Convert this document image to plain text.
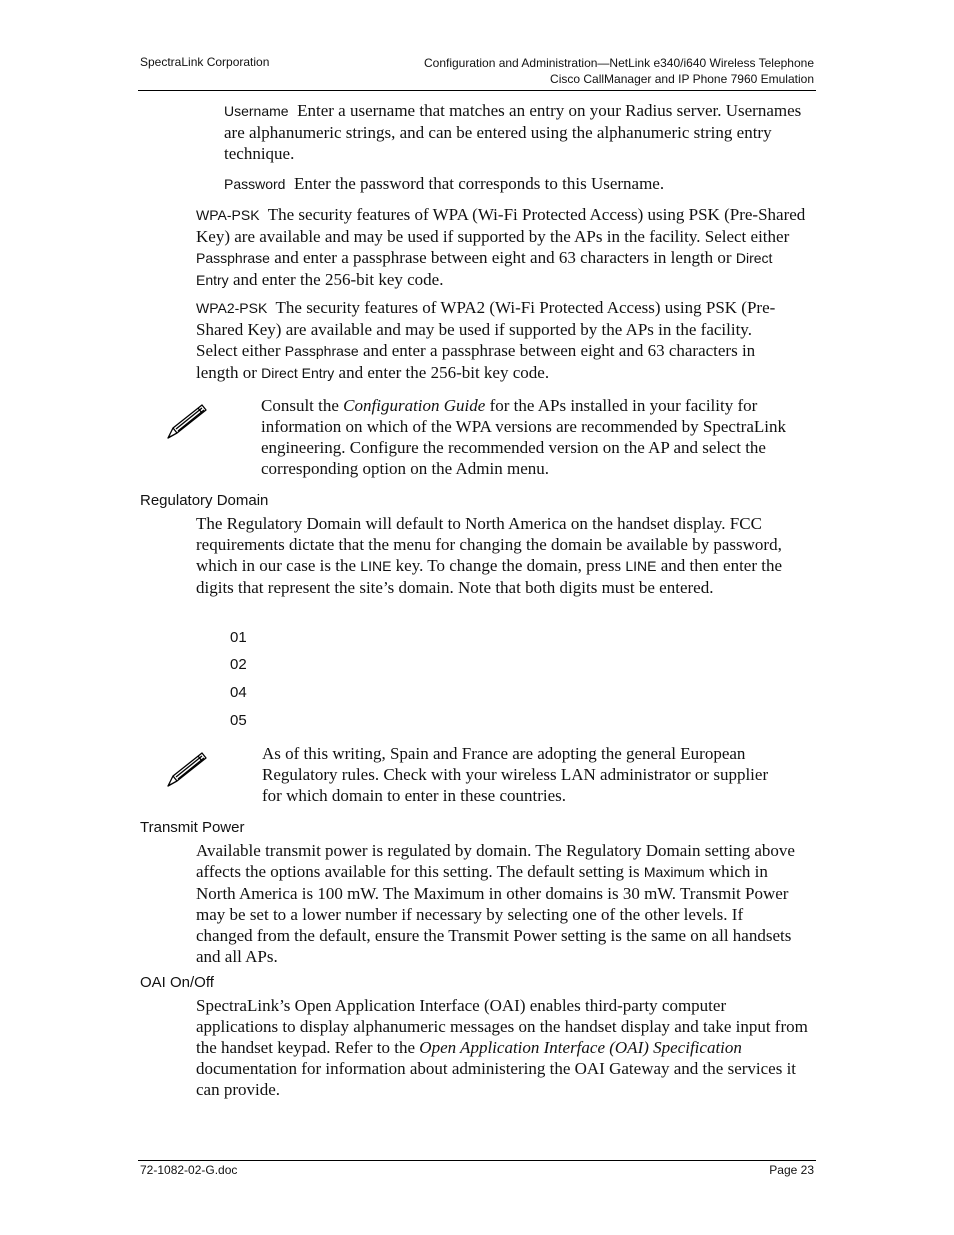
SpectraLink Corporation	Configuration and Administration—NetLink e340/i640 Wireless Telephone
Cisco CallManager and IP Phone 7960 Emulation

Username Enter a username that matches an entry on your Radius server. Usernames are alphanumeric strings, and can be entered using the alphanumeric string entry technique.

Password Enter the password that corresponds to this Username.

WPA-PSK The security features of WPA (Wi-Fi Protected Access) using PSK (Pre-Shared Key) are available and may be used if supported by the APs in the facility. Select either Passphrase and enter a passphrase between eight and 63 characters in length or Direct Entry and enter the 256-bit key code.

WPA2-PSK The security features of WPA2 (Wi-Fi Protected Access) using PSK (Pre-Shared Key) are available and may be used if supported by the APs in the facility. Select either Passphrase and enter a passphrase between eight and 63 characters in length or Direct Entry and enter the 256-bit key code.

Consult the Configuration Guide for the APs installed in your facility for information on which of the WPA versions are recommended by SpectraLink engineering. Configure the recommended version on the AP and select the corresponding option on the Admin menu.

Regulatory Domain

The Regulatory Domain will default to North America on the handset display. FCC requirements dictate that the menu for changing the domain be available by password, which in our case is the LINE key. To change the domain, press LINE and then enter the digits that represent the site’s domain. Note that both digits must be entered.

01
02
04
05

As of this writing, Spain and France are adopting the general European Regulatory rules. Check with your wireless LAN administrator or supplier for which domain to enter in these countries.

Transmit Power

Available transmit power is regulated by domain. The Regulatory Domain setting above affects the options available for this setting. The default setting is Maximum which in North America is 100 mW. The Maximum in other domains is 30 mW. Transmit Power may be set to a lower number if necessary by selecting one of the other levels. If changed from the default, ensure the Transmit Power setting is the same on all handsets and all APs.

OAI On/Off

SpectraLink’s Open Application Interface (OAI) enables third-party computer applications to display alphanumeric messages on the handset display and take input from the handset keypad. Refer to the Open Application Interface (OAI) Specification documentation for information about administering the OAI Gateway and the services it can provide.

72-1082-02-G.doc	Page 23
